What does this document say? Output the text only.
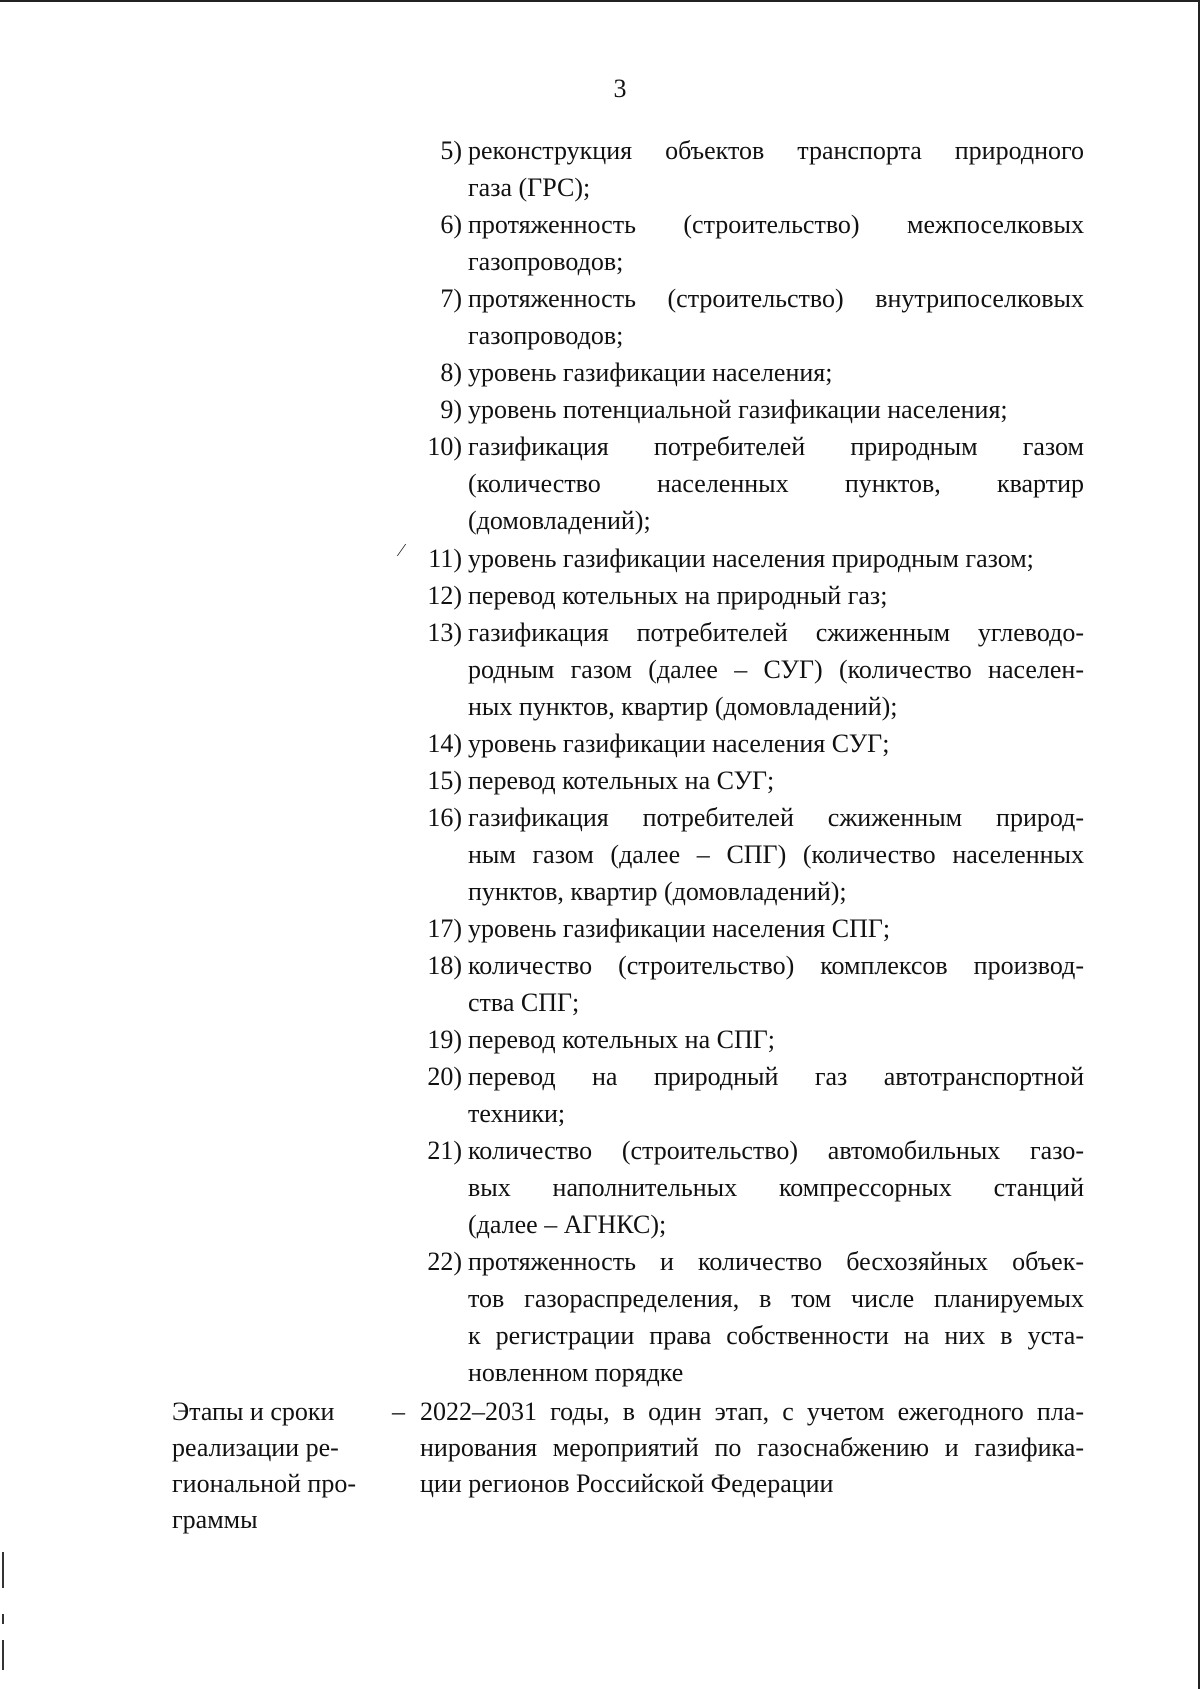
3
5) реконструкция объектов транспорта природного
газа (ГРС);
6) протяженность (строительство) межпоселковых
газопроводов;
7) протяженность (строительство) внутрипоселковых
газопроводов;
8) уровень газификации населения;
9) уровень потенциальной газификации населения;
10) газификация потребителей природным газом
(количество населенных пунктов, квартир
(домовладений);
11) уровень газификации населения природным газом;
12) перевод котельных на природный газ;
13) газификация потребителей сжиженным углеводо-
родным газом (далее – СУГ) (количество населен-
ных пунктов, квартир (домовладений);
14) уровень газификации населения СУГ;
15) перевод котельных на СУГ;
16) газификация потребителей сжиженным природ-
ным газом (далее – СПГ) (количество населенных
пунктов, квартир (домовладений);
17) уровень газификации населения СПГ;
18) количество (строительство) комплексов производ-
ства СПГ;
19) перевод котельных на СПГ;
20) перевод на природный газ автотранспортной
техники;
21) количество (строительство) автомобильных газо-
вых наполнительных компрессорных станций
(далее – АГНКС);
22) протяженность и количество бесхозяйных объек-
тов газораспределения, в том числе планируемых
к регистрации права собственности на них в уста-
новленном порядке
⁄
Этапы и сроки
реализации ре-
гиональной про-
граммы
– 2022–2031 годы, в один этап, с учетом ежегодного пла-
нирования мероприятий по газоснабжению и газифика-
ции регионов Российской Федерации
